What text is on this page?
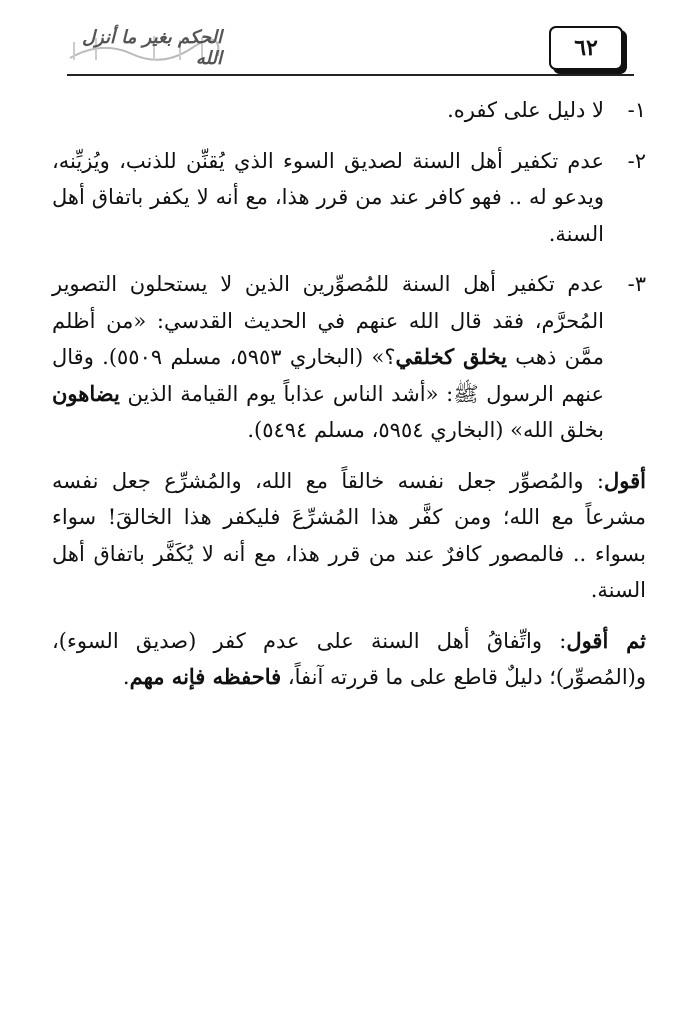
٦٢
الحكم بغير ما أنزل الله
١-
لا دليل على كفره.
٢-
عدم تكفير أهل السنة لصديق السوء الذي يُقنِّن للذنب، ويُزيِّنه، ويدعو له .. فهو كافر عند من قرر هذا، مع أنه لا يكفر باتفاق أهل السنة.
٣-
عدم تكفير أهل السنة للمُصوِّرين الذين لا يستحلون التصوير المُحرَّم، فقد قال الله عنهم في الحديث القدسي: «من أظلم ممَّن ذهب يخلق كخلقي؟» (البخاري ٥٩٥٣، مسلم ٥٥٠٩). وقال عنهم الرسول ﷺ: «أشد الناس عذاباً يوم القيامة الذين يضاهون بخلق الله» (البخاري ٥٩٥٤، مسلم ٥٤٩٤).

أقول: والمُصوِّر جعل نفسه خالقاً مع الله، والمُشرِّع جعل نفسه مشرعاً مع الله؛ ومن كفَّر هذا المُشرِّعَ فليكفر هذا الخالقَ! سواء بسواء .. فالمصور كافرٌ عند من قرر هذا، مع أنه لا يُكَفَّر باتفاق أهل السنة.

ثم أقول: واتِّفاقُ أهل السنة على عدم كفر (صديق السوء)، و(المُصوِّر)؛ دليلٌ قاطع على ما قررته آنفاً، فاحفظه فإنه مهم.
